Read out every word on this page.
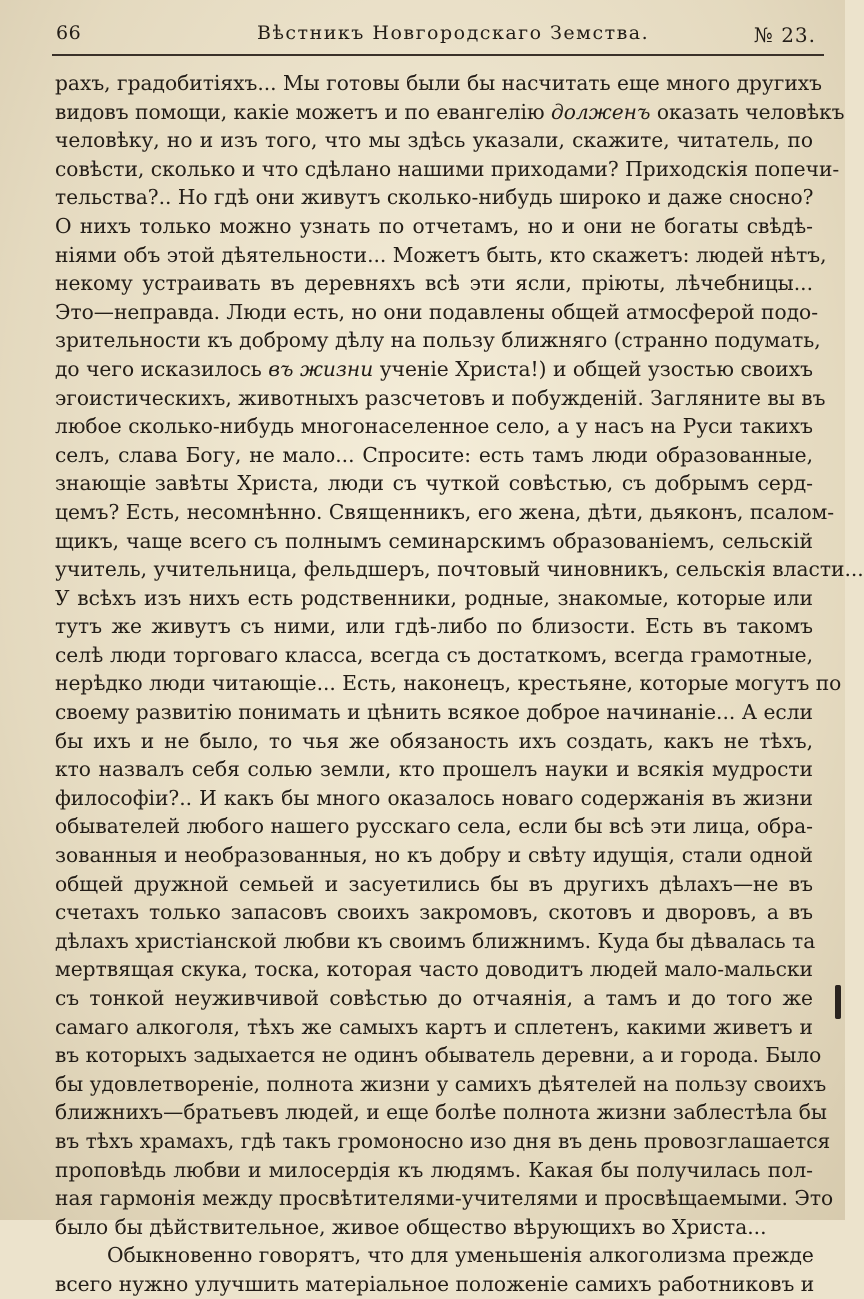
66	Вѣстникъ Новгородскаго Земства.	№ 23.
рахъ, градобитіяхъ... Мы готовы были бы насчитать еще много другихъ
видовъ помощи, какіе можетъ и по евангелію долженъ оказать человѣкъ
человѣку, но и изъ того, что мы здѣсь указали, скажите, читатель, по
совѣсти, сколько и что сдѣлано нашими приходами? Приходскія попечи-
тельства?.. Но гдѣ они живутъ сколько-нибудь широко и даже сносно?
О нихъ только можно узнать по отчетамъ, но и они не богаты свѣдѣ-
ніями объ этой дѣятельности... Можетъ быть, кто скажетъ: людей нѣтъ,
некому устраивать въ деревняхъ всѣ эти ясли, пріюты, лѣчебницы...
Это—неправда. Люди есть, но они подавлены общей атмосферой подо-
зрительности къ доброму дѣлу на пользу ближняго (странно подумать,
до чего исказилось въ жизни ученіе Христа!) и общей узостью своихъ
эгоистическихъ, животныхъ разсчетовъ и побужденій. Загляните вы въ
любое сколько-нибудь многонаселенное село, а у насъ на Руси такихъ
селъ, слава Богу, не мало... Спросите: есть тамъ люди образованные,
знающіе завѣты Христа, люди съ чуткой совѣстью, съ добрымъ серд-
цемъ? Есть, несомнѣнно. Священникъ, его жена, дѣти, дьяконъ, псалом-
щикъ, чаще всего съ полнымъ семинарскимъ образованіемъ, сельскій
учитель, учительница, фельдшеръ, почтовый чиновникъ, сельскія власти...
У всѣхъ изъ нихъ есть родственники, родные, знакомые, которые или
тутъ же живутъ съ ними, или гдѣ-либо по близости. Есть въ такомъ
селѣ люди торговаго класса, всегда съ достаткомъ, всегда грамотные,
нерѣдко люди читающіе... Есть, наконецъ, крестьяне, которые могутъ по
своему развитію понимать и цѣнить всякое доброе начинаніе... А если
бы ихъ и не было, то чья же обязаность ихъ создать, какъ не тѣхъ,
кто назвалъ себя солью земли, кто прошелъ науки и всякія мудрости
философіи?.. И какъ бы много оказалось новаго содержанія въ жизни
обывателей любого нашего русскаго села, если бы всѣ эти лица, обра-
зованныя и необразованныя, но къ добру и свѣту идущія, стали одной
общей дружной семьей и засуетились бы въ другихъ дѣлахъ—не въ
счетахъ только запасовъ своихъ закромовъ, скотовъ и дворовъ, а въ
дѣлахъ христіанской любви къ своимъ ближнимъ. Куда бы дѣвалась та
мертвящая скука, тоска, которая часто доводитъ людей мало-мальски
съ тонкой неуживчивой совѣстью до отчаянія, а тамъ и до того же
самаго алкоголя, тѣхъ же самыхъ картъ и сплетенъ, какими живетъ и
въ которыхъ задыхается не одинъ обыватель деревни, а и города. Было
бы удовлетвореніе, полнота жизни у самихъ дѣятелей на пользу своихъ
ближнихъ—братьевъ людей, и еще болѣе полнота жизни заблестѣла бы
въ тѣхъ храмахъ, гдѣ такъ громоносно изо дня въ день провозглашается
проповѣдь любви и милосердія къ людямъ. Какая бы получилась пол-
ная гармонія между просвѣтителями-учителями и просвѣщаемыми. Это
было бы дѣйствительное, живое общество вѣрующихъ во Христа...
Обыкновенно говорятъ, что для уменьшенія алкоголизма прежде
всего нужно улучшить матеріальное положеніе самихъ работниковъ и
